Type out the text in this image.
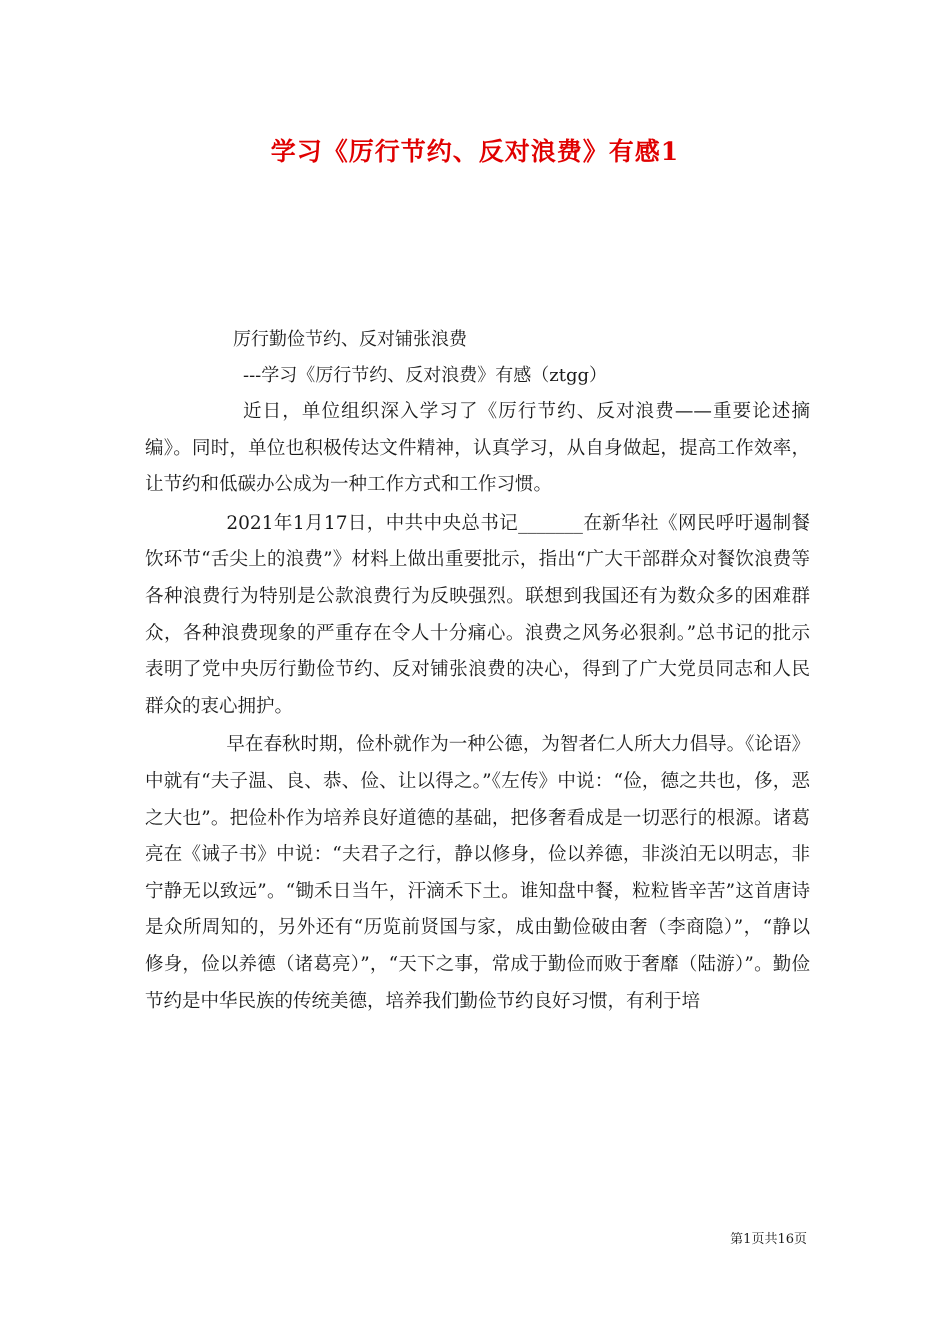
学习《厉行节约、反对浪费》有感1

厉行勤俭节约、反对铺张浪费

---学习《厉行节约、反对浪费》有感（ztgg）

近日，单位组织深入学习了《厉行节约、反对浪费——重要论述摘编》。同时，单位也积极传达文件精神，认真学习，从自身做起，提高工作效率，让节约和低碳办公成为一种工作方式和工作习惯。

2021年1月17日，中共中央总书记_______在新华社《网民呼吁遏制餐饮环节“舌尖上的浪费”》材料上做出重要批示，指出“广大干部群众对餐饮浪费等各种浪费行为特别是公款浪费行为反映强烈。联想到我国还有为数众多的困难群众，各种浪费现象的严重存在令人十分痛心。浪费之风务必狠刹。”总书记的批示表明了党中央厉行勤俭节约、反对铺张浪费的决心，得到了广大党员同志和人民群众的衷心拥护。

早在春秋时期，俭朴就作为一种公德，为智者仁人所大力倡导。《论语》中就有“夫子温、良、恭、俭、让以得之。”《左传》中说：“俭，德之共也，侈，恶之大也”。把俭朴作为培养良好道德的基础，把侈奢看成是一切恶行的根源。诸葛亮在《诫子书》中说：“夫君子之行，静以修身，俭以养德，非淡泊无以明志，非宁静无以致远”。“锄禾日当午，汗滴禾下土。谁知盘中餐，粒粒皆辛苦”这首唐诗是众所周知的，另外还有“历览前贤国与家，成由勤俭破由奢（李商隐）”，“静以修身，俭以养德（诸葛亮）”，“天下之事，常成于勤俭而败于奢靡（陆游）”。勤俭节约是中华民族的传统美德，培养我们勤俭节约良好习惯，有利于培

第1页共16页
